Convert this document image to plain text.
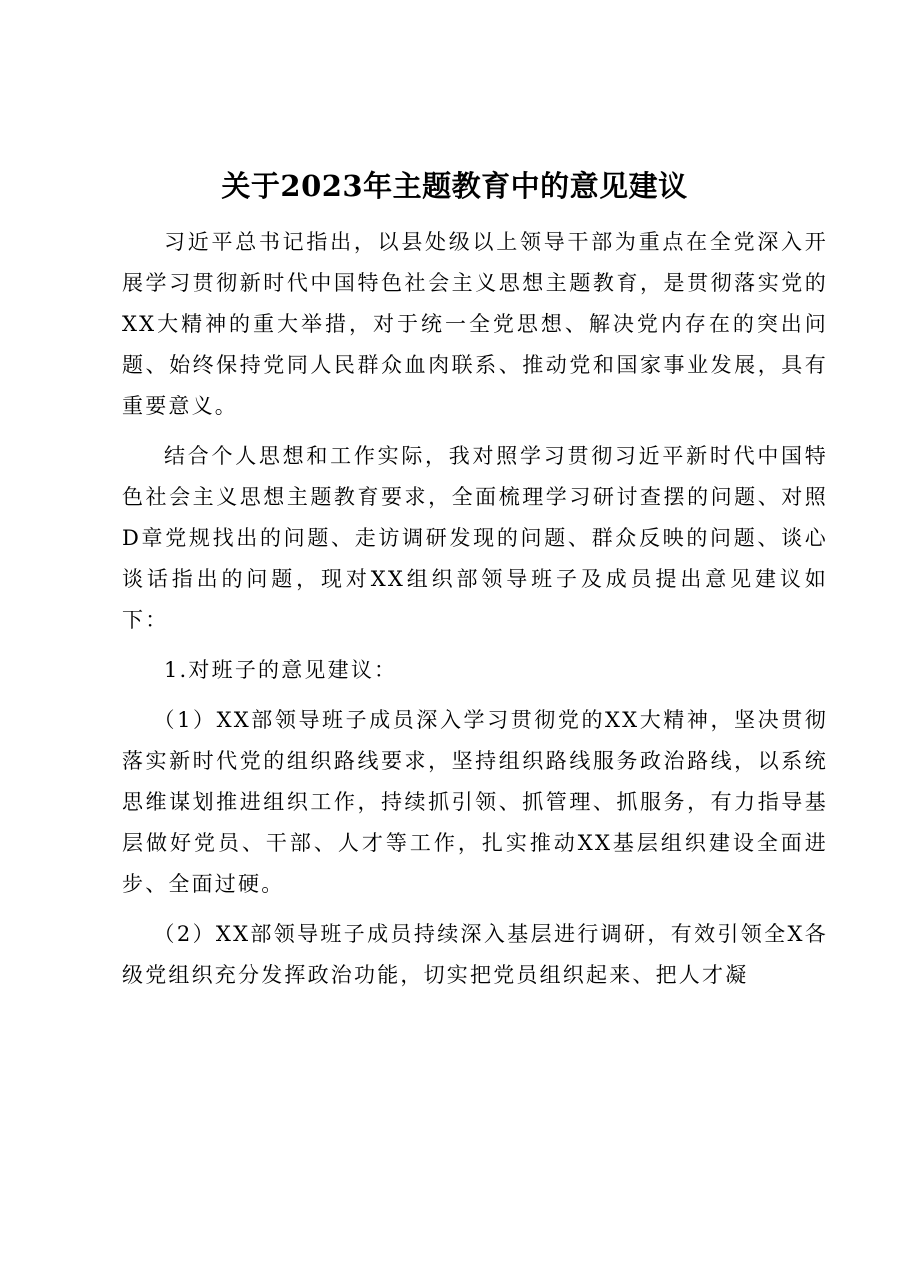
关于2023年主题教育中的意见建议

习近平总书记指出，以县处级以上领导干部为重点在全党深入开展学习贯彻新时代中国特色社会主义思想主题教育，是贯彻落实党的XX大精神的重大举措，对于统一全党思想、解决党内存在的突出问题、始终保持党同人民群众血肉联系、推动党和国家事业发展，具有重要意义。

结合个人思想和工作实际，我对照学习贯彻习近平新时代中国特色社会主义思想主题教育要求，全面梳理学习研讨查摆的问题、对照D章党规找出的问题、走访调研发现的问题、群众反映的问题、谈心谈话指出的问题，现对XX组织部领导班子及成员提出意见建议如下：

1.对班子的意见建议：

（1）XX部领导班子成员深入学习贯彻党的XX大精神，坚决贯彻落实新时代党的组织路线要求，坚持组织路线服务政治路线，以系统思维谋划推进组织工作，持续抓引领、抓管理、抓服务，有力指导基层做好党员、干部、人才等工作，扎实推动XX基层组织建设全面进步、全面过硬。

（2）XX部领导班子成员持续深入基层进行调研，有效引领全X各级党组织充分发挥政治功能，切实把党员组织起来、把人才凝
